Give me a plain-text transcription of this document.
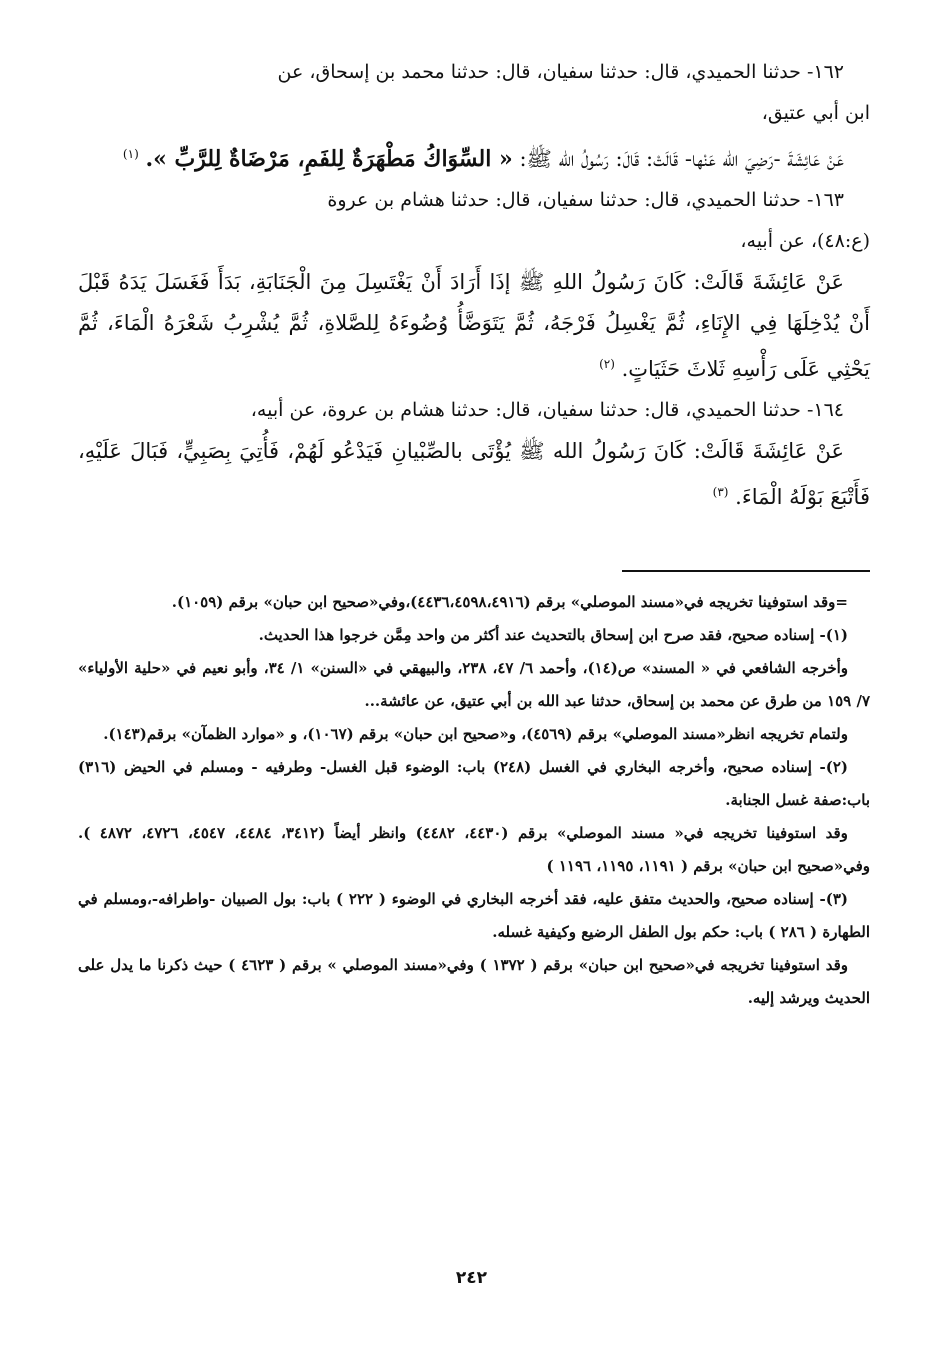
١٦٢- حدثنا الحميدي، قال: حدثنا سفيان، قال: حدثنا محمد بن إسحاق، عن

ابن أبي عتيق،

عَنْ عَائِشَةَ -رَضِيَ الله عَنْها- قَالَتْ: قَالَ: رَسُولُ الله ﷺ: « السِّوَاكُ مَطْهَرَةٌ لِلفَمِ، مَرْضَاةٌ لِلرَّبِّ ». $^{(١)}$

١٦٣- حدثنا الحميدي، قال: حدثنا سفيان، قال: حدثنا هشام بن عروة

(ع:٤٨)، عن أبيه،

عَنْ عَائِشَةَ قَالَتْ: كَانَ رَسُولُ اللهِ ﷺ إذَا أَرَادَ أَنْ يَغْتَسِلَ مِنَ الْجَنَابَةِ، بَدَأَ فَغَسَلَ يَدَهُ قَبْلَ أَنْ يُدْخِلَهَا فِي الإِنَاءِ، ثُمَّ يَغْسِلُ فَرْجَهُ، ثُمَّ يَتَوَضَّأُ وُضُوءَهُ لِلصَّلاةِ، ثُمَّ يُشْرِبُ شَعْرَهُ الْمَاءَ، ثُمَّ يَحْثِي عَلَى رَأْسِهِ ثَلاثَ حَثَيَاتٍ. $^{(٢)}$

١٦٤- حدثنا الحميدي، قال: حدثنا سفيان، قال: حدثنا هشام بن عروة، عن أبيه،

عَنْ عَائِشَةَ قَالَتْ: كَانَ رَسُولُ الله ﷺ يُؤْتَى بالصِّبْيانِ فَيَدْعُو لَهُمْ، فَأُتِيَ بِصَبِيٍّ، فَبَالَ عَلَيْهِ، فَأَتْبَعَ بَوْلَهُ الْمَاءَ. $^{(٣)}$

=وقد استوفينا تخريجه في«مسند الموصلي» برقم (٤٤٣٦،٤٥٩٨،٤٩١٦)،وفي«صحيح ابن حبان» برقم (١٠٥٩).

(١)- إسناده صحيح، فقد صرح ابن إسحاق بالتحديث عند أكثر من واحد مِمَّن خرجوا هذا الحديث.

وأخرجه الشافعي في « المسند» ص(١٤)، وأحمد ٦/ ٤٧، ٢٣٨، والبيهقي في «السنن» ١/ ٣٤، وأبو نعيم في «حلية الأولياء» ٧/ ١٥٩ من طرق عن محمد بن إسحاق، حدثنا عبد الله بن أبي عتيق، عن عائشة...

ولتمام تخريجه انظر«مسند الموصلي» برقم (٤٥٦٩)، و«صحيح ابن حبان» برقم (١٠٦٧)، و «موارد الظمآن» برقم(١٤٣).

(٢)- إسناده صحيح، وأخرجه البخاري في الغسل (٢٤٨) باب: الوضوء قبل الغسل- وطرفيه - ومسلم في الحيض (٣١٦) باب:صفة غسل الجنابة.

وقد استوفينا تخريجه في« مسند الموصلي» برقم (٤٤٣٠، ٤٤٨٢) وانظر أيضاً (٣٤١٢، ٤٤٨٤، ٤٥٤٧، ٤٧٢٦، ٤٨٧٢ ). وفي«صحيح ابن حبان» برقم ( ١١٩١، ١١٩٥، ١١٩٦ )

(٣)- إسناده صحيح، والحديث متفق عليه، فقد أخرجه البخاري في الوضوء ( ٢٢٢ ) باب: بول الصبيان -واطرافه-،ومسلم في الطهارة ( ٢٨٦ ) باب: حكم بول الطفل الرضيع وكيفية غسله.

وقد استوفينا تخريجه في«صحيح ابن حبان» برقم ( ١٣٧٢ ) وفي«مسند الموصلي » برقم ( ٤٦٢٣ ) حيث ذكرنا ما يدل على الحديث ويرشد إليه.

٢٤٢
